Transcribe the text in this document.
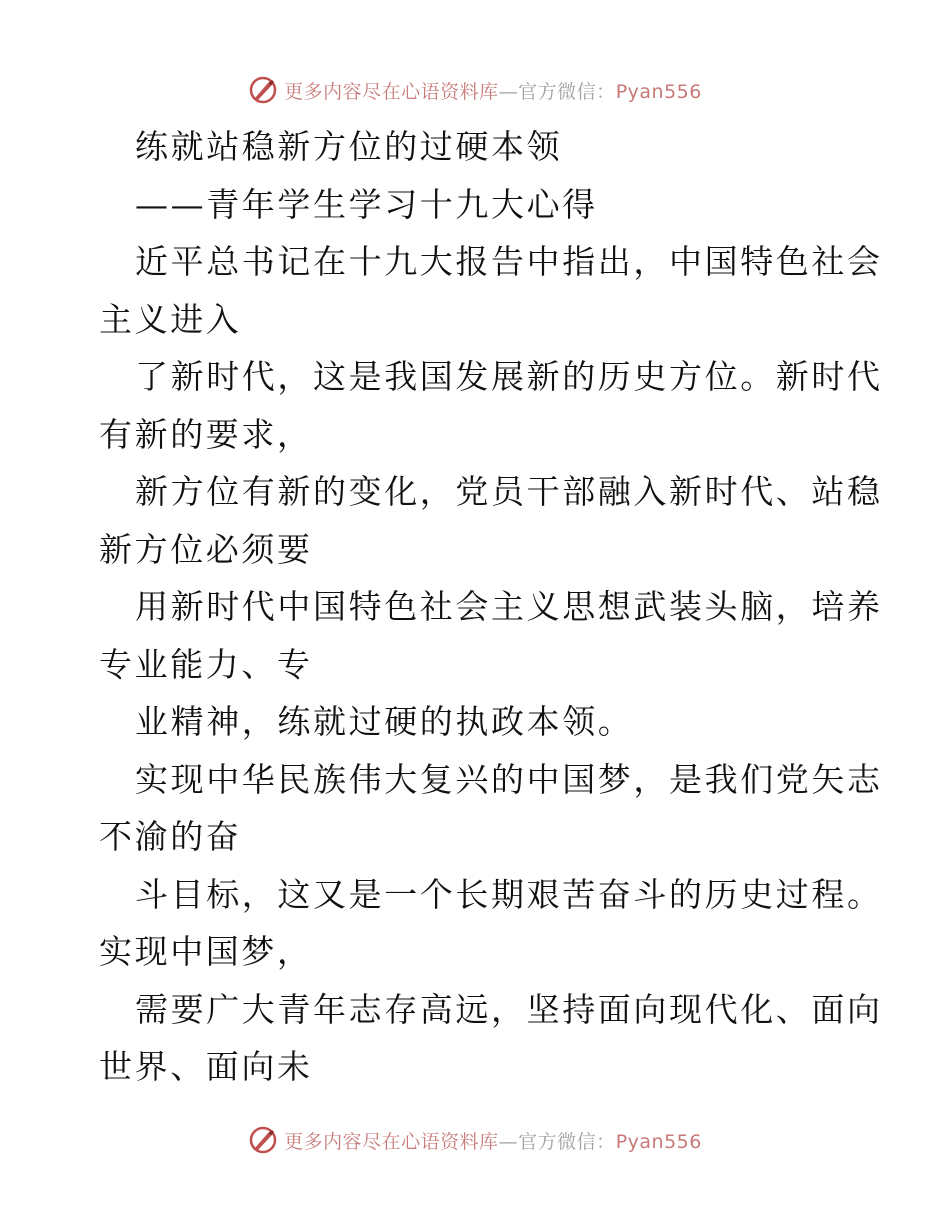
更多内容尽在心语资料库—官方微信：Pyan556
练就站稳新方位的过硬本领
——青年学生学习十九大心得
近平总书记在十九大报告中指出，中国特色社会
主义进入
了新时代，这是我国发展新的历史方位。新时代
有新的要求，
新方位有新的变化，党员干部融入新时代、站稳
新方位必须要
用新时代中国特色社会主义思想武装头脑，培养
专业能力、专
业精神，练就过硬的执政本领。
实现中华民族伟大复兴的中国梦，是我们党矢志
不渝的奋
斗目标，这又是一个长期艰苦奋斗的历史过程。
实现中国梦，
需要广大青年志存高远，坚持面向现代化、面向
世界、面向未
更多内容尽在心语资料库—官方微信：Pyan556
